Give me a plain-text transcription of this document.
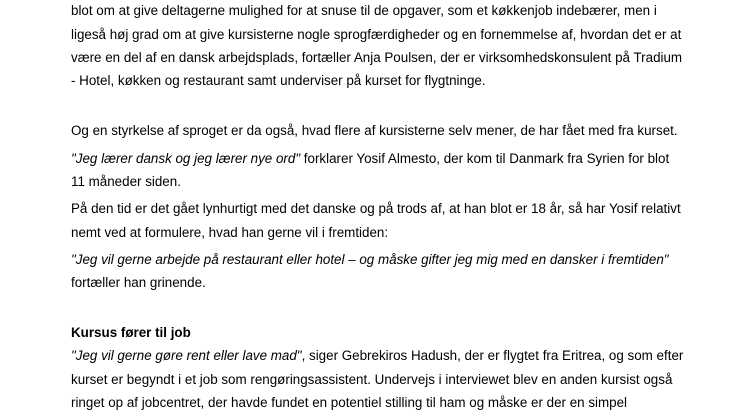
blot om at give deltagerne mulighed for at snuse til de opgaver, som et køkkenjob indebærer, men i
ligeså høj grad om at give kursisterne nogle sprogfærdigheder og en fornemmelse af, hvordan det er at
være en del af en dansk arbejdsplads, fortæller Anja Poulsen, der er virksomhedskonsulent på Tradium
- Hotel, køkken og restaurant samt underviser på kurset for flygtninge.
Og en styrkelse af sproget er da også, hvad flere af kursisterne selv mener, de har fået med fra kurset.
"Jeg lærer dansk og jeg lærer nye ord" forklarer Yosif Almesto, der kom til Danmark fra Syrien for blot
11 måneder siden.
På den tid er det gået lynhurtigt med det danske og på trods af, at han blot er 18 år, så har Yosif relativt
nemt ved at formulere, hvad han gerne vil i fremtiden:
"Jeg vil gerne arbejde på restaurant eller hotel – og måske gifter jeg mig med en dansker i fremtiden"
fortæller han grinende.
Kursus fører til job
"Jeg vil gerne gøre rent eller lave mad", siger Gebrekiros Hadush, der er flygtet fra Eritrea, og som efter
kurset er begyndt i et job som rengøringsassistent. Undervejs i interviewet blev en anden kursist også
ringet op af jobcentret, der havde fundet en potentiel stilling til ham og måske er der en simpel
